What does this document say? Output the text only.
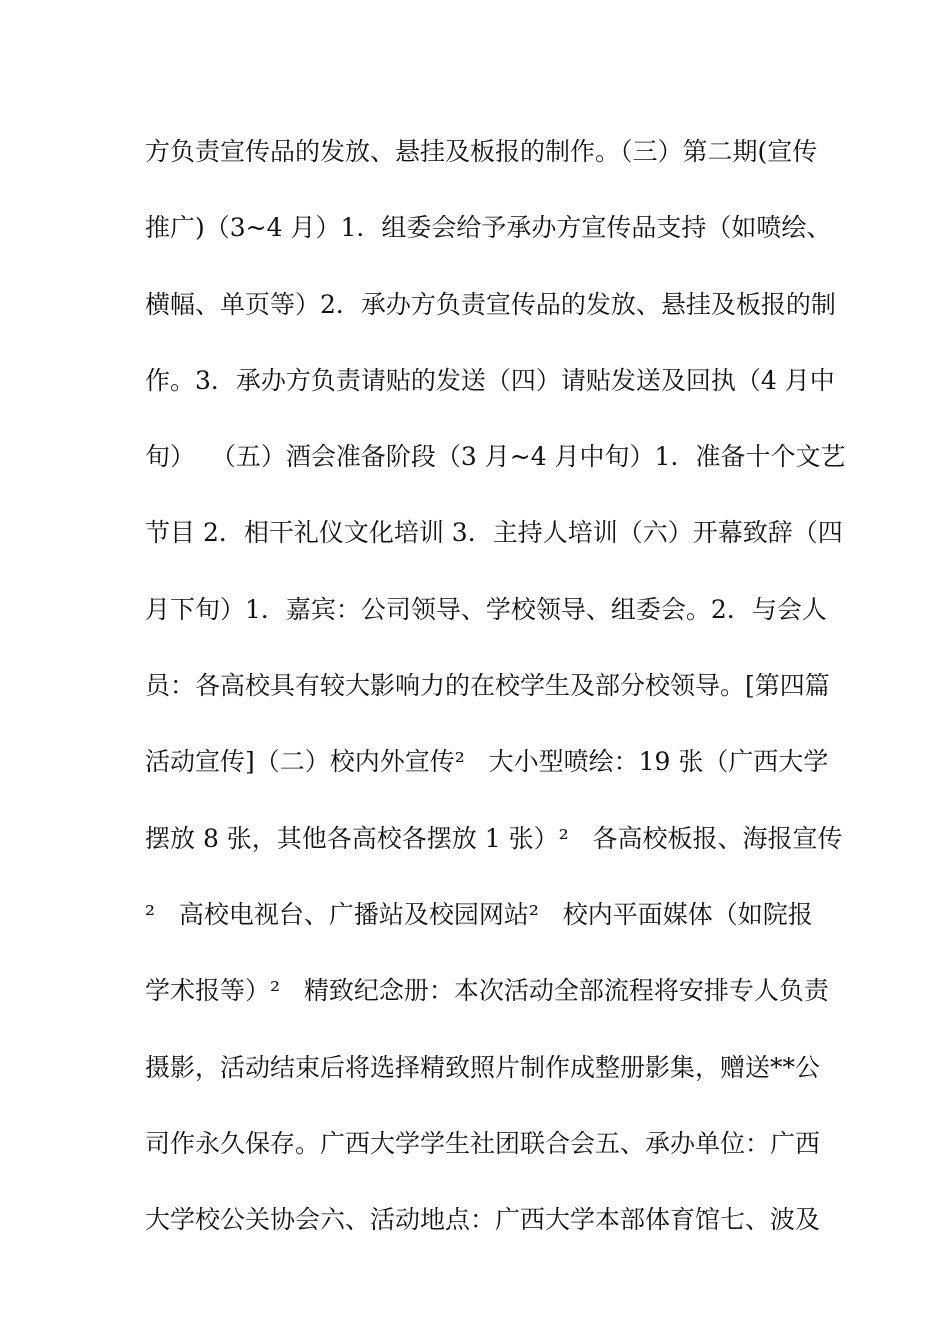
方负责宣传品的发放、悬挂及板报的制作。（三）第二期(宣传
推广)（3~4 月）1．组委会给予承办方宣传品支持（如喷绘、
横幅、单页等）2．承办方负责宣传品的发放、悬挂及板报的制
作。3．承办方负责请贴的发送（四）请贴发送及回执（4 月中
旬）  （五）酒会准备阶段（3 月~4 月中旬）1．准备十个文艺
节目 2．相干礼仪文化培训 3．主持人培训（六）开幕致辞（四
月下旬）1．嘉宾：公司领导、学校领导、组委会。2．与会人
员：各高校具有较大影响力的在校学生及部分校领导。[第四篇
活动宣传]（二）校内外宣传²   大小型喷绘：19 张（广西大学
摆放 8 张，其他各高校各摆放 1 张）²   各高校板报、海报宣传
²   高校电视台、广播站及校园网站²   校内平面媒体（如院报
学术报等）²   精致纪念册：本次活动全部流程将安排专人负责
摄影，活动结束后将选择精致照片制作成整册影集，赠送**公
司作永久保存。广西大学学生社团联合会五、承办单位：广西
大学校公关协会六、活动地点：广西大学本部体育馆七、波及
